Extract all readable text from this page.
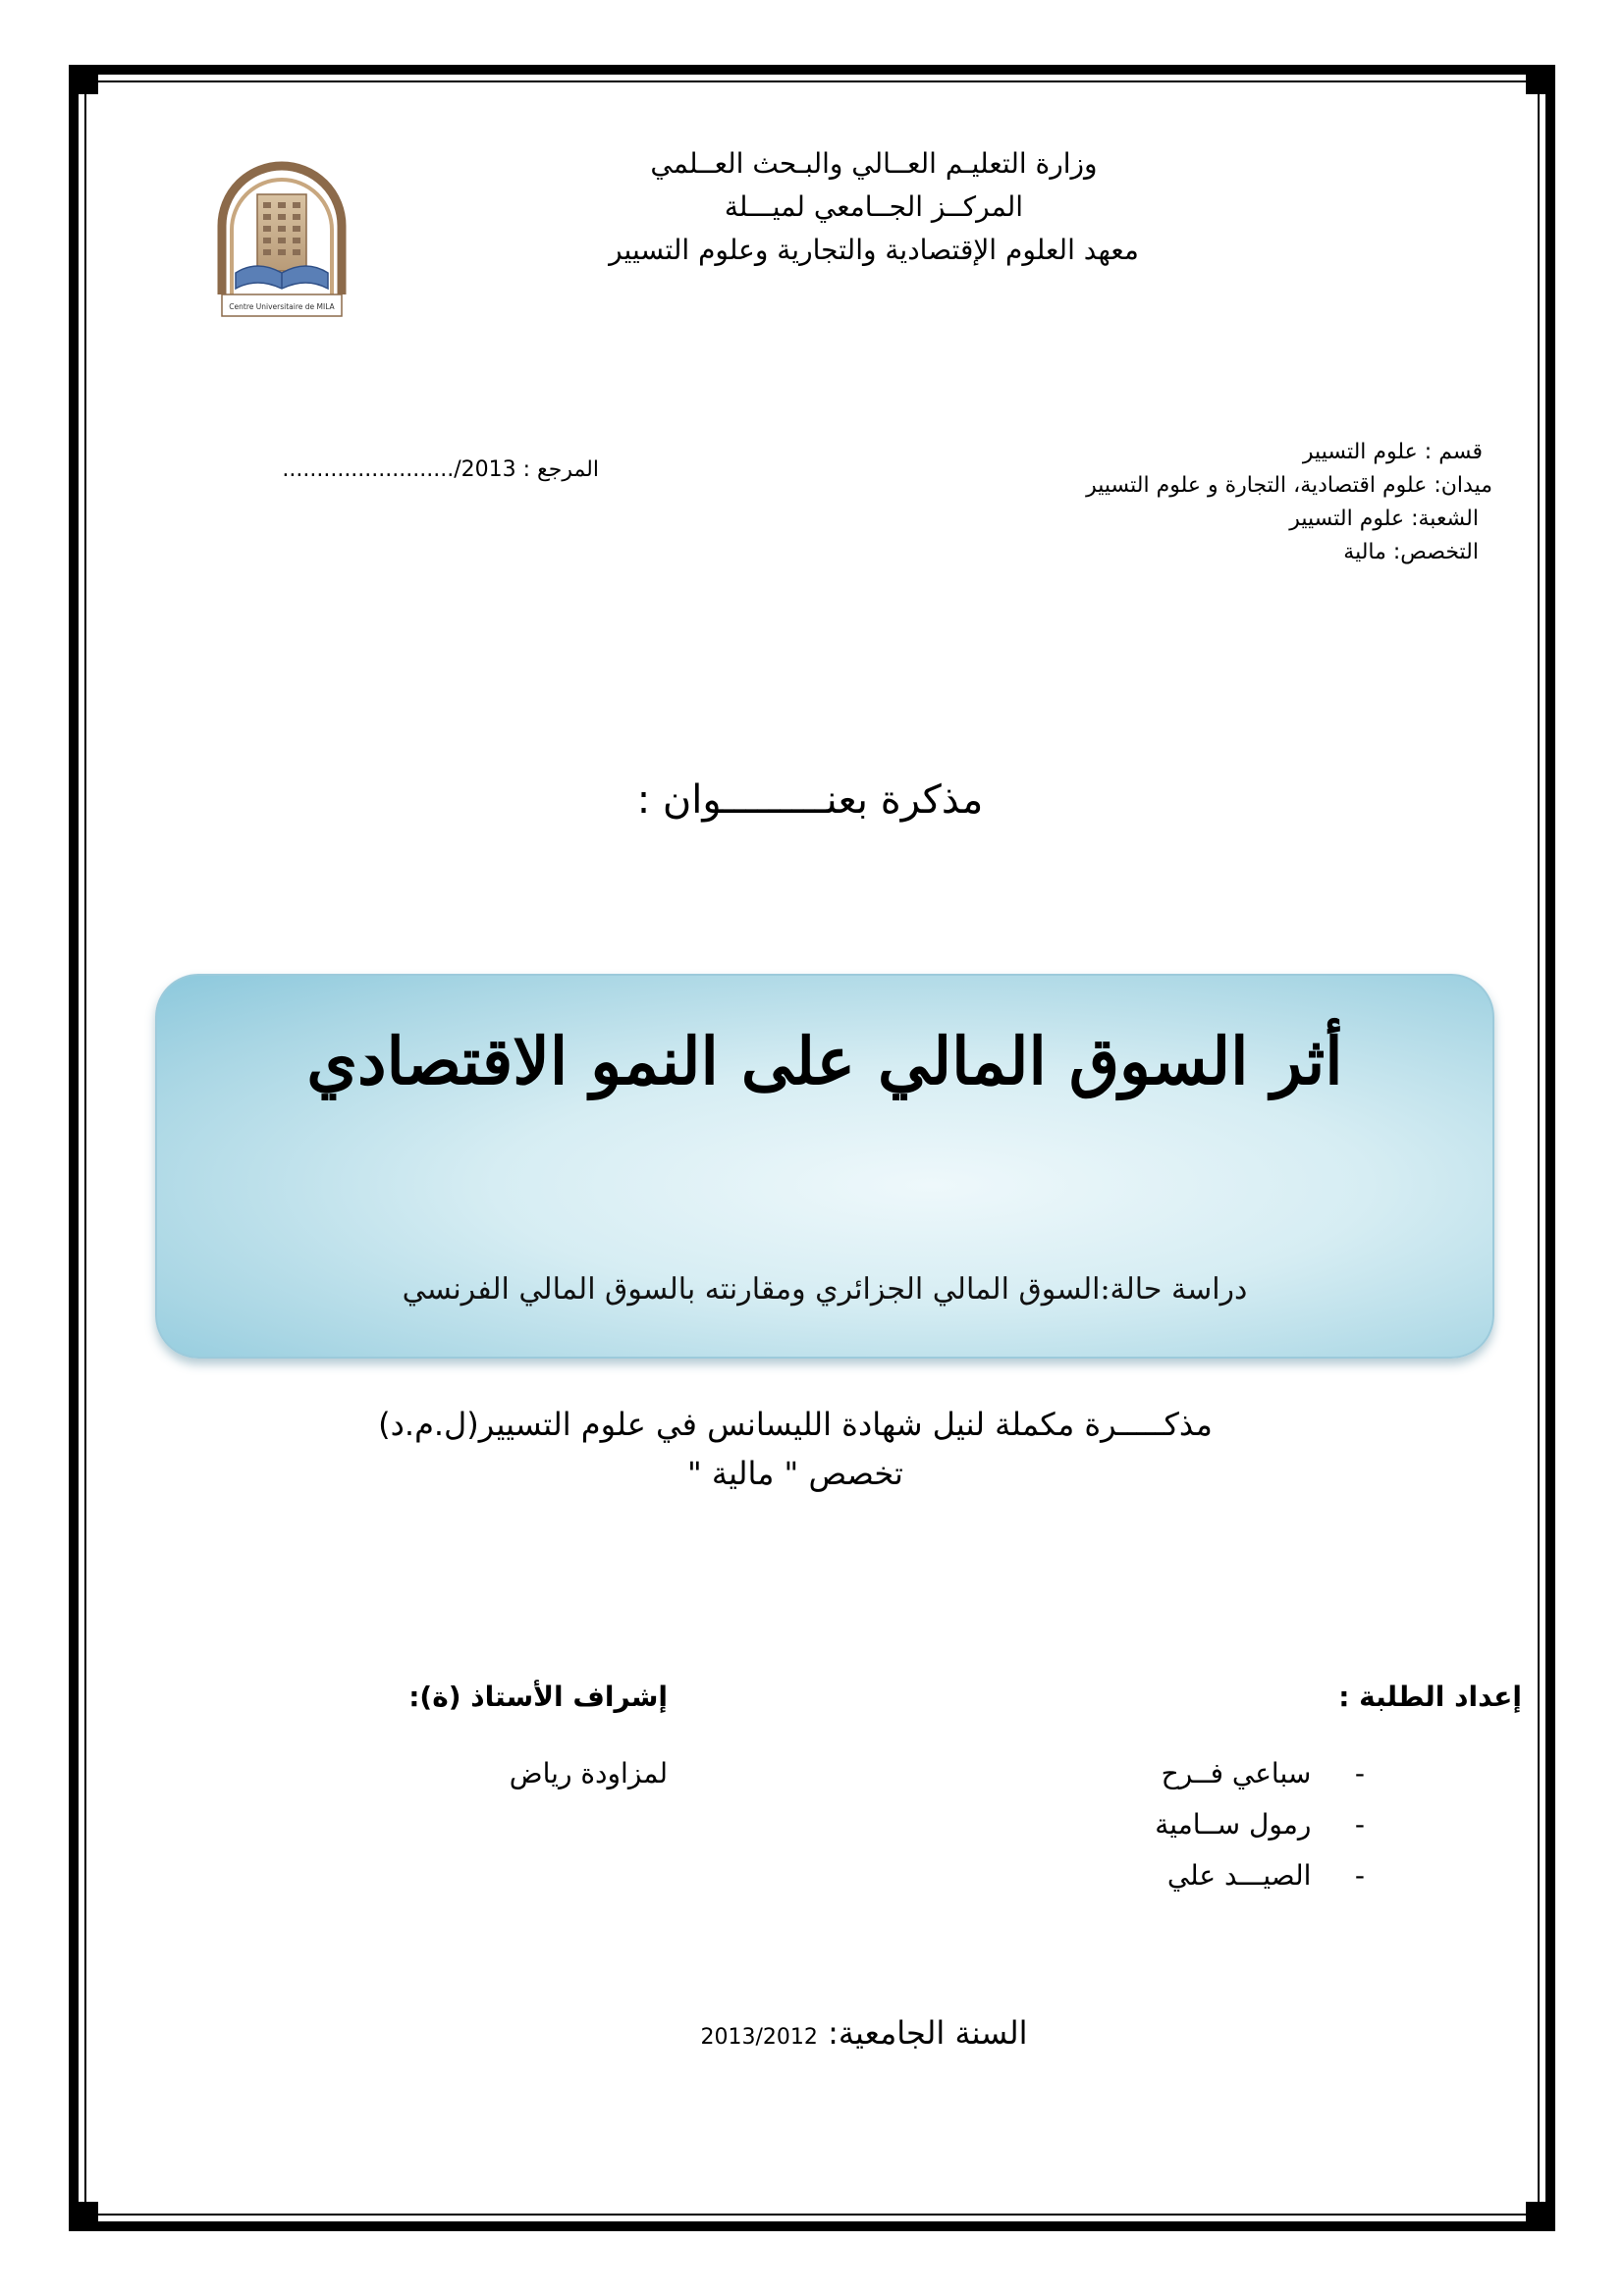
وزارة التعليـم العــالي والبـحث العــلمي
المركــز الجــامعي لميـــلة
معهد العلوم الإقتصادية والتجارية وعلوم التسيير
Centre Universitaire de MILA
المرجع : ........................./2013
قسم : علوم التسيير
ميدان: علوم اقتصادية، التجارة و علوم التسيير
الشعبة: علوم التسيير
التخصص: مالية
مذكرة بعنـــــــــوان :
أثر السوق المالي على النمو الاقتصادي
دراسة حالة:السوق المالي الجزائري ومقارنته بالسوق المالي الفرنسي
مذكـــــرة مكملة لنيل شهادة الليسانس في علوم التسيير(ل.م.د)
تخصص " مالية "
إعداد الطلبة :
-     سباعي فــرح
-     رمول ســامية
-     الصيـــد علي
إشراف الأستاذ (ة):
لمزاودة رياض
السنة الجامعية: 2013/2012
